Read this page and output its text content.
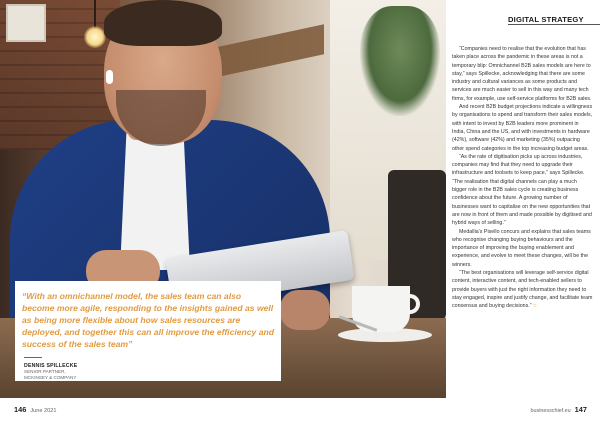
“With an omnichannel model, the sales team can also become more agile, responding to the insights gained as well as being more flexible about how sales resources are deployed, and together this can all improve the efficiency and success of the sales team”
DENNIS SPILLECKE
SENIOR PARTNER,
MCKINSEY & COMPANY
DIGITAL STRATEGY

“Companies need to realise that the evolution that has taken place across the pandemic in these areas is not a temporary blip: Omnichannel B2B sales models are here to stay,” says Spillecke, acknowledging that there are some industry and cultural variances as some products and services are much easier to sell in this way and many tech firms, for example, use self-service platforms for B2B sales.

And recent B2B budget projections indicate a willingness by organisations to spend and transform their sales models, with intent to invest by B2B leaders more prominent in India, China and the US, and with investments in hardware (42%), software (42%) and marketing (35%) outpacing other spend categories in the top increasing budget areas.

“As the rate of digitisation picks up across industries, companies may find that they need to upgrade their infrastructure and toolsets to keep pace,” says Spillecke. “The realisation that digital channels can play a much bigger role in the B2B sales cycle is creating business confidence about the future. A growing number of businesses want to capitalise on the new opportunities that are now in front of them and made possible by digitised and hybrid ways of selling.”

Medallia’s Pisello concurs and explains that sales teams who recognise changing buying behaviours and the importance of improving the buying enablement and experience, and evolve to meet these changes, will be the winners.

“The best organisations will leverage self-service digital content, interactive content, and tech-enabled sellers to provide buyers with just the right information they need to stay engaged, inspire and justify change, and facilitate team consensus and buying decisions.” ○

146 June 2021	businesschief.eu 147
